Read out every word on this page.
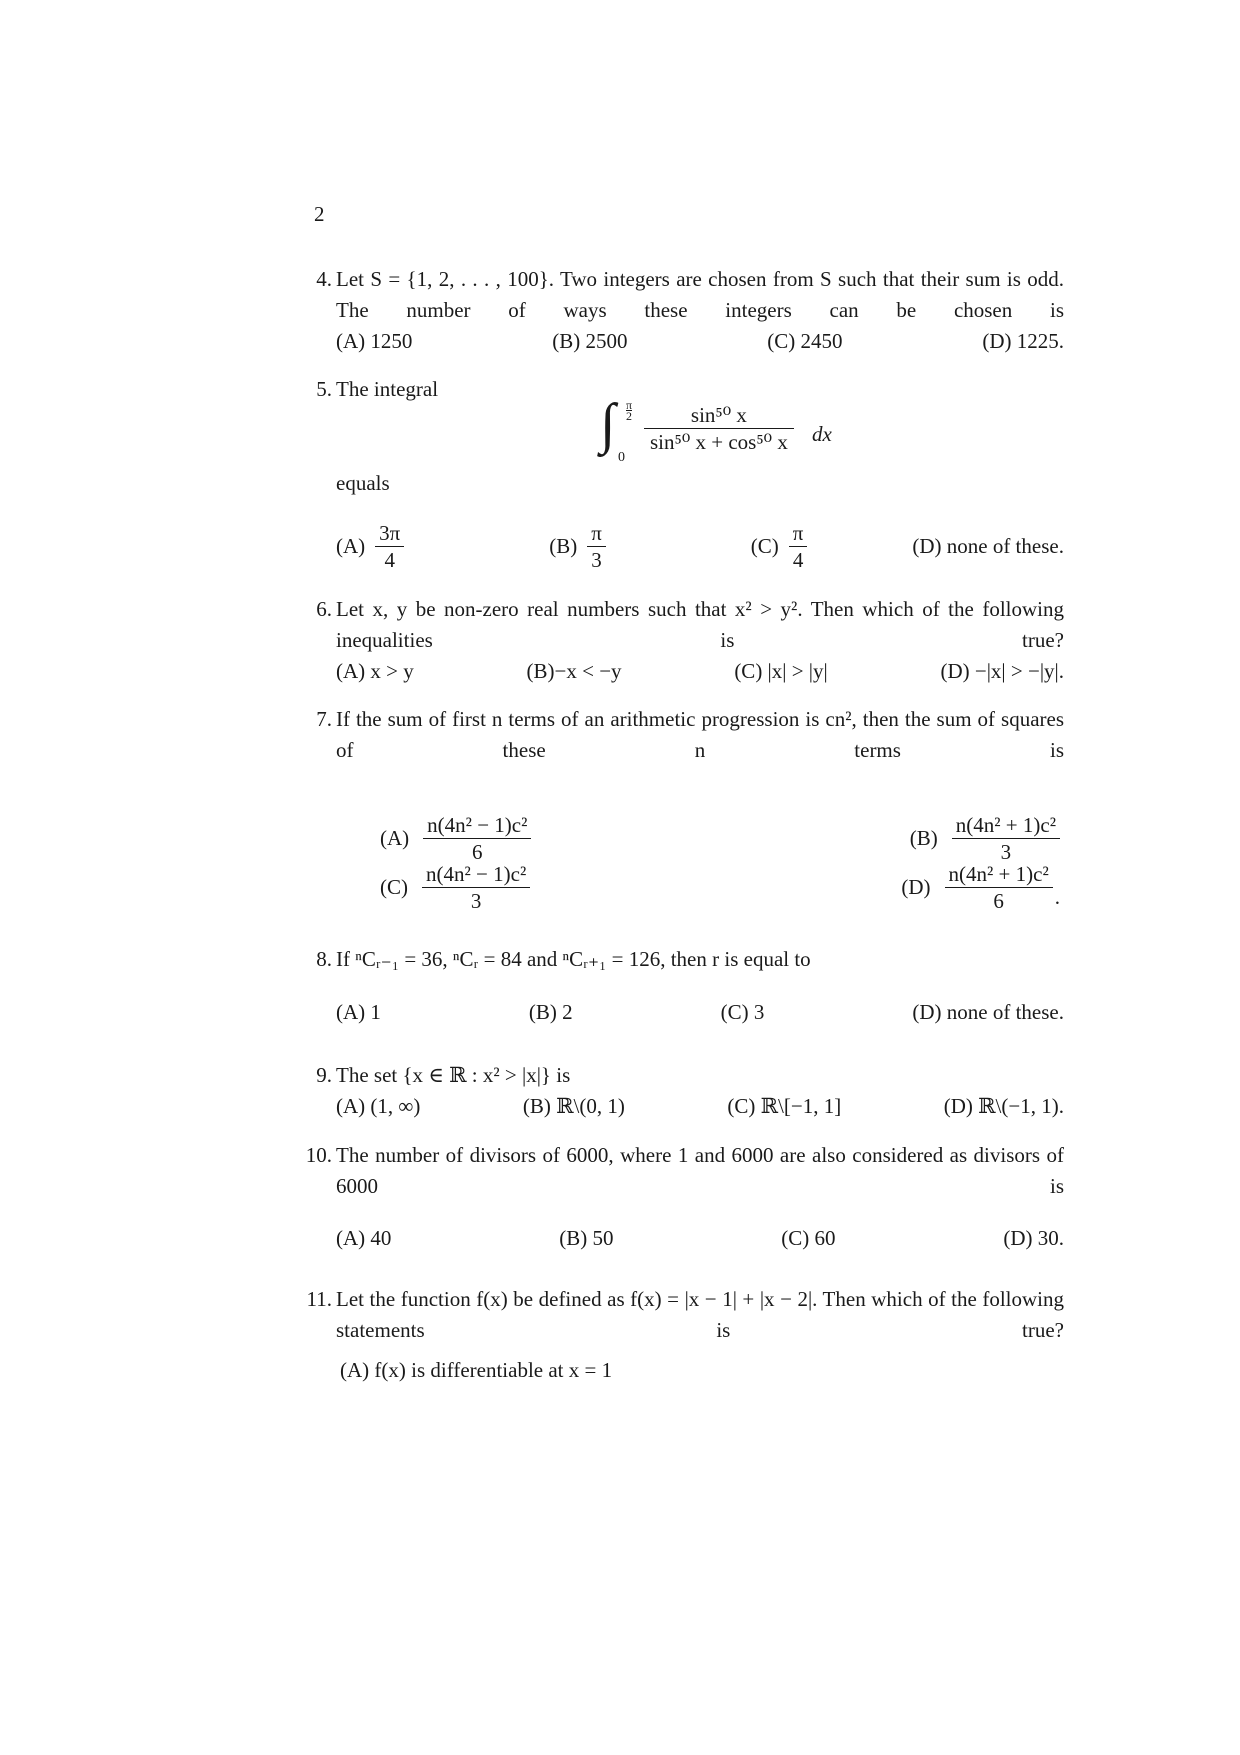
2
4. Let S = {1, 2, . . . , 100}. Two integers are chosen from S such that their sum is odd. The number of ways these integers can be chosen is
(A) 1250	(B) 2500	(C) 2450	(D) 1225.
5. The integral
∫ π
2
0
$\frac{\text{sin⁵⁰ x}}{\text{sin⁵⁰ x + cos⁵⁰ x}}$ dx
equals
$(A) \frac{3\pi}{4}$	$(B) \frac{\pi}{3}$	$(C) \frac{\pi}{4}$	(D) none of these.
6. Let x, y be non-zero real numbers such that x² > y². Then which of the following inequalities is true?
(A) x > y	(B)−x < −y	(C) |x| > |y|	(D) −|x| > −|y|.
7. If the sum of first n terms of an arithmetic progression is cn², then the sum of squares of these n terms is
$(A) \frac{\text{n(4n² − 1)c²}}{6}$	$(B) \frac{\text{n(4n² + 1)c²}}{3}$
$(C) \frac{\text{n(4n² − 1)c²}}{3}$	$(D) \frac{\text{n(4n² + 1)c²}}{6}$ .
8. If ⁿCᵣ₋₁ = 36, ⁿCᵣ = 84 and ⁿCᵣ₊₁ = 126, then r is equal to
(A) 1	(B) 2	(C) 3	(D) none of these.
9. The set {x ∈ ℝ : x² > |x|} is
(A) (1, ∞)	(B) ℝ\(0, 1)	(C) ℝ\[−1, 1]	(D) ℝ\(−1, 1).
10. The number of divisors of 6000, where 1 and 6000 are also considered as divisors of 6000 is
(A) 40	(B) 50	(C) 60	(D) 30.
11. Let the function f(x) be defined as f(x) = |x − 1| + |x − 2|. Then which of the following statements is true?
(A) f(x) is differentiable at x = 1
